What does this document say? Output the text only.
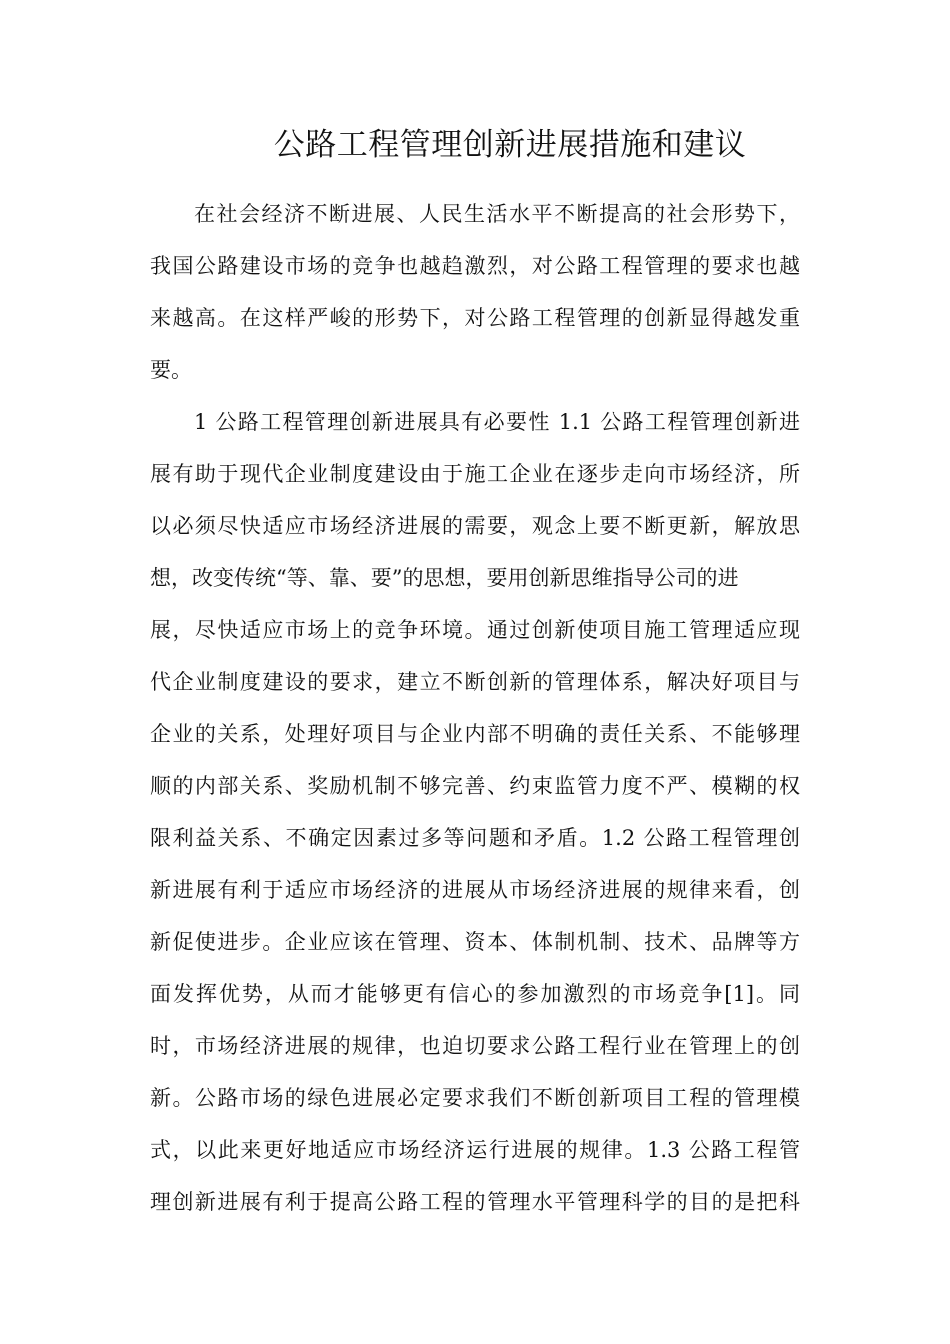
公路工程管理创新进展措施和建议
在社会经济不断进展、人民生活水平不断提高的社会形势下，
我国公路建设市场的竞争也越趋激烈，对公路工程管理的要求也越
来越高。在这样严峻的形势下，对公路工程管理的创新显得越发重
要。
1 公路工程管理创新进展具有必要性 1.1 公路工程管理创新进
展有助于现代企业制度建设由于施工企业在逐步走向市场经济，所
以必须尽快适应市场经济进展的需要，观念上要不断更新，解放思
想，改变传统“等、靠、要”的思想，要用创新思维指导公司的进
展，尽快适应市场上的竞争环境。通过创新使项目施工管理适应现
代企业制度建设的要求，建立不断创新的管理体系，解决好项目与
企业的关系，处理好项目与企业内部不明确的责任关系、不能够理
顺的内部关系、奖励机制不够完善、约束监管力度不严、模糊的权
限利益关系、不确定因素过多等问题和矛盾。1.2 公路工程管理创
新进展有利于适应市场经济的进展从市场经济进展的规律来看，创
新促使进步。企业应该在管理、资本、体制机制、技术、品牌等方
面发挥优势，从而才能够更有信心的参加激烈的市场竞争[1]。同
时，市场经济进展的规律，也迫切要求公路工程行业在管理上的创
新。公路市场的绿色进展必定要求我们不断创新项目工程的管理模
式，以此来更好地适应市场经济运行进展的规律。1.3 公路工程管
理创新进展有利于提高公路工程的管理水平管理科学的目的是把科
